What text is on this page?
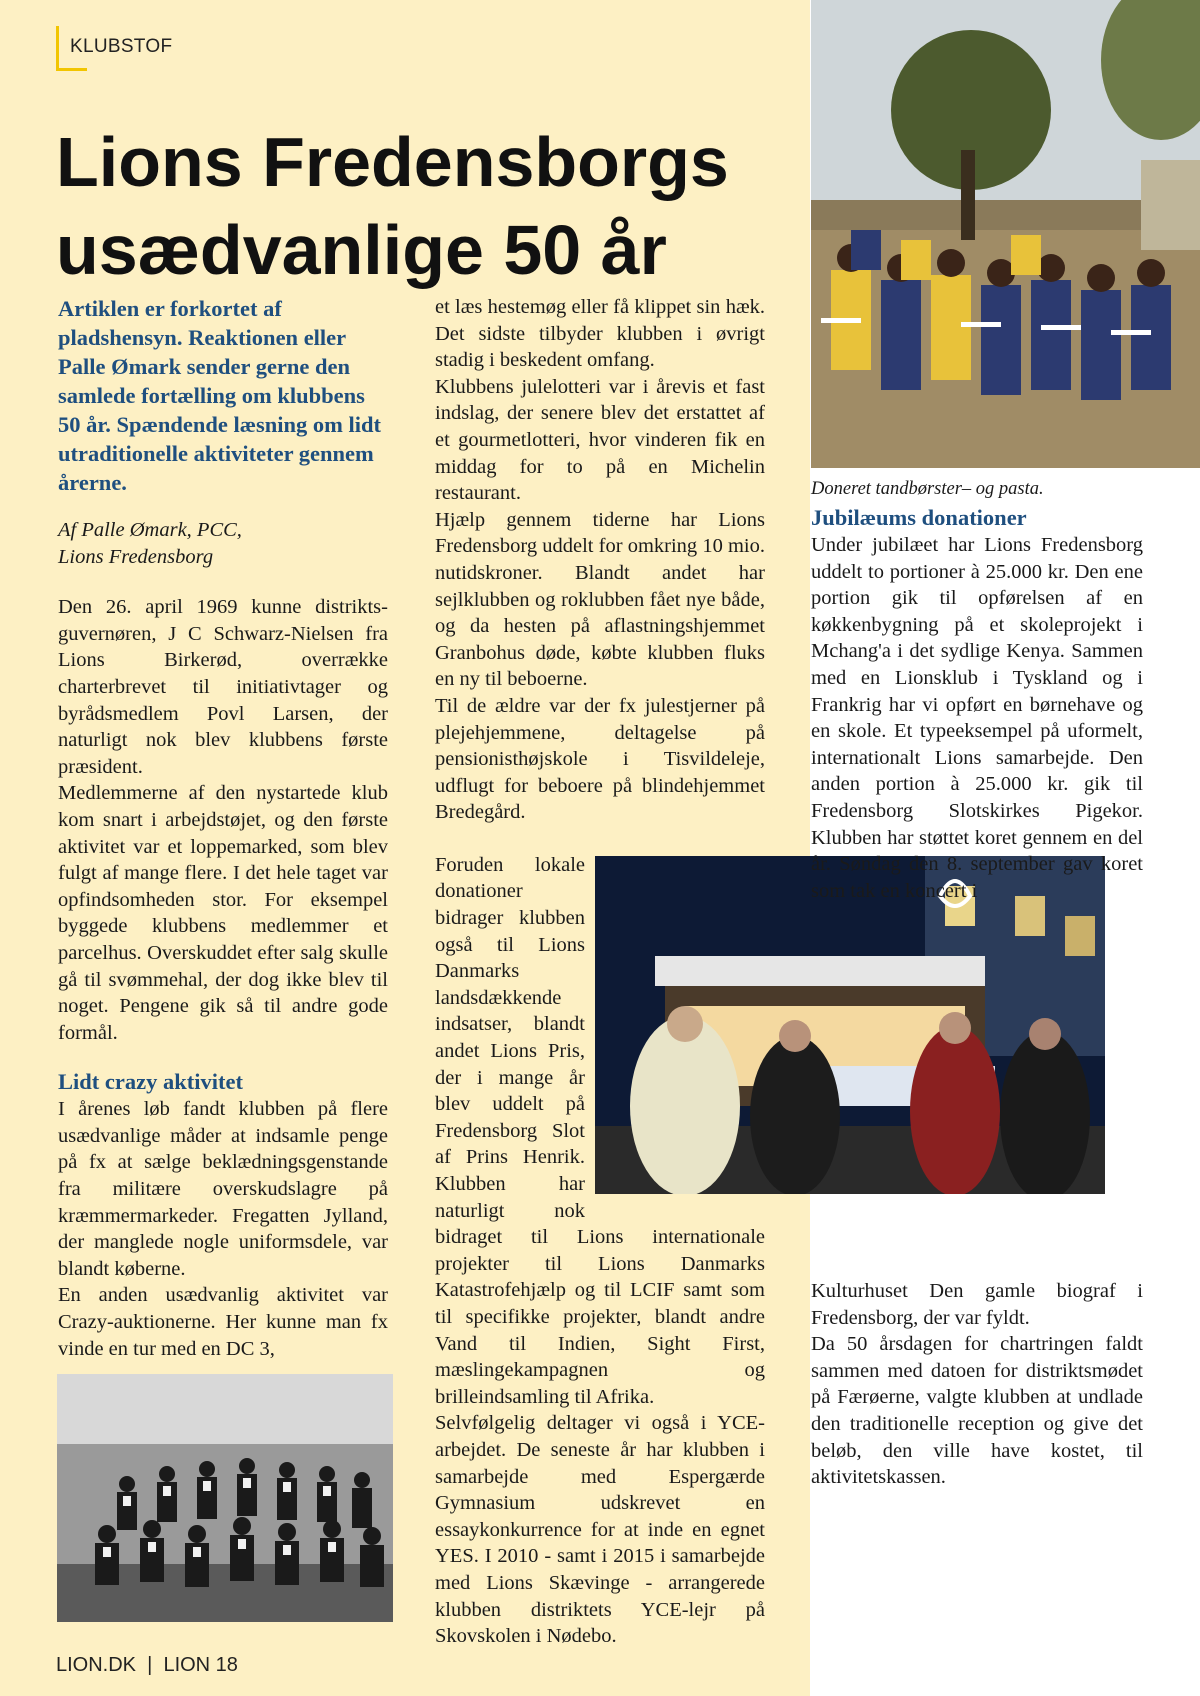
KLUBSTOF
Lions Fredensborgs usædvanlige 50 år

Artiklen er forkortet af pladshensyn. Reaktionen eller Palle Ømark sender gerne den samlede fortælling om klubbens 50 år. Spændende læsning om lidt utraditionelle aktiviteter gennem årerne.

Af Palle Ømark, PCC,

Lions Fredensborg

Den 26. april 1969 kunne distrikts-guvernøren, J C Schwarz-Nielsen fra Lions Birkerød, overrække charterbrevet til initiativtager og byrådsmedlem Povl Larsen, der naturligt nok blev klubbens første præsident.

Medlemmerne af den nystartede klub kom snart i arbejdstøjet, og den første aktivitet var et loppemarked, som blev fulgt af mange flere. I det hele taget var opfindsomheden stor. For eksempel byggede klubbens medlemmer et parcelhus. Overskuddet efter salg skulle gå til svømmehal, der dog ikke blev til noget. Pengene gik så til andre gode formål.

Lidt crazy aktivitet

I årenes løb fandt klubben på flere usædvanlige måder at indsamle penge på fx at sælge beklædningsgenstande fra militære overskudslagre på kræmmermarkeder. Fregatten Jylland, der manglede nogle uniformsdele, var blandt køberne.

En anden usædvanlig aktivitet var Crazy-auktionerne. Her kunne man fx vinde en tur med en DC 3,

et læs hestemøg eller få klippet sin hæk. Det sidste tilbyder klubben i øvrigt stadig i beskedent omfang.

Klubbens julelotteri var i årevis et fast indslag, der senere blev det erstattet af et gourmetlotteri, hvor vinderen fik en middag for to på en Michelin restaurant.

Hjælp gennem tiderne har Lions Fredensborg uddelt for omkring 10 mio. nutidskroner. Blandt andet har sejlklubben og roklubben fået nye både, og da hesten på aflastningshjemmet Granbohus døde, købte klubben fluks en ny til beboerne.

Til de ældre var der fx julestjerner på plejehjemmene, deltagelse på pensionisthøjskole i Tisvildeleje, udflugt for beboere på blindehjemmet Bredegård.

Foruden lokale donationer bidrager klubben også til Lions Danmarks landsdækkende indsatser, blandt andet Lions Pris, der i mange år blev uddelt på Fredensborg Slot af Prins Henrik. Klubben har naturligt nok bidraget til Lions internationale projekter til Lions Danmarks Katastrofehjælp og til LCIF samt som til specifikke projekter, blandt andre Vand til Indien, Sight First, mæslingekampagnen og brilleindsamling til Afrika.

Selvfølgelig deltager vi også i YCE-arbejdet. De seneste år har klubben i samarbejde med Espergærde Gymnasium udskrevet en essaykonkurrence for at inde en egnet YES. I 2010 - samt i 2015 i samarbejde med Lions Skævinge - arrangerede klubben distriktets YCE-lejr på Skovskolen i Nødebo.

Doneret tandbørster– og pasta.

Jubilæums donationer

Under jubilæet har Lions Fredensborg uddelt to portioner à 25.000 kr. Den ene portion gik til opførelsen af en køkkenbygning på et skoleprojekt i Mchang'a i det sydlige Kenya. Sammen med en Lionsklub i Tyskland og i Frankrig har vi opført en børnehave og en skole. Et typeeksempel på uformelt, internationalt Lions samarbejde. Den anden portion à 25.000 kr. gik til Fredensborg Slotskirkes Pigekor. Klubben har støttet koret gennem en del år. Søndag den 8. september gav koret som tak en koncert i

Kulturhuset Den gamle biograf i Fredensborg, der var fyldt.

Da 50 årsdagen for chartringen faldt sammen med datoen for distriktsmødet på Færøerne, valgte klubben at undlade den traditionelle reception og give det beløb, den ville have kostet, til aktivitetskassen.

LION.DK  |  LION 18
